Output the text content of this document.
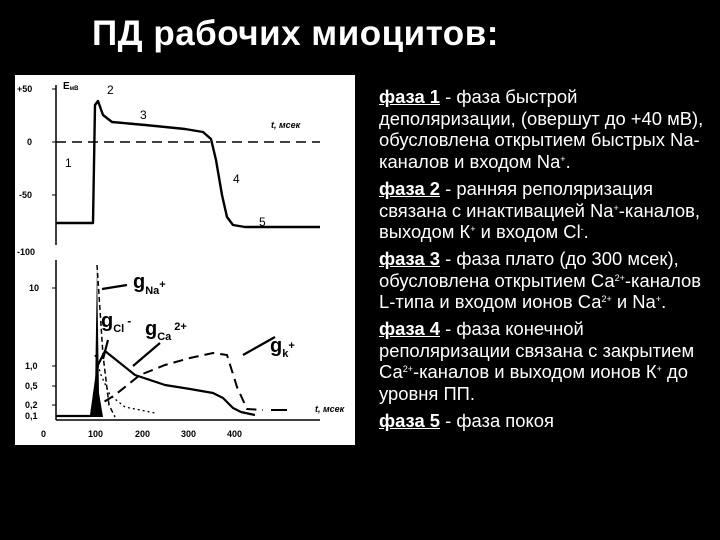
ПД рабочих миоцитов:
+50
0
-50
-100
ЕмВ
t, мсек
1
2
3
4
5
10
1,0
0,5
0,2
0,1
0	100	200	300	400
t, мсек
$g_{Na}^+$
$g_{Cl}^-$ $g_{Ca}^{2+}$
$g_k^+$

фаза 1 - фаза быстрой деполяризации, (овершут до +40 мВ), обусловлена открытием быстрых Na-каналов и входом Na+.

фаза 2 - ранняя реполяризация связана с инактивацией Na+-каналов, выходом К+ и входом Cl-.

фаза 3 - фаза плато (до 300 мсек), обусловлена открытием $Са^{2+}$-каналов L-типа и входом ионов $Са^{2+}$ и Na+.

фаза 4 - фаза конечной реполяризации связана с закрытием $Са^{2+}$-каналов и выходом ионов К+ до уровня ПП.

фаза 5 - фаза покоя
